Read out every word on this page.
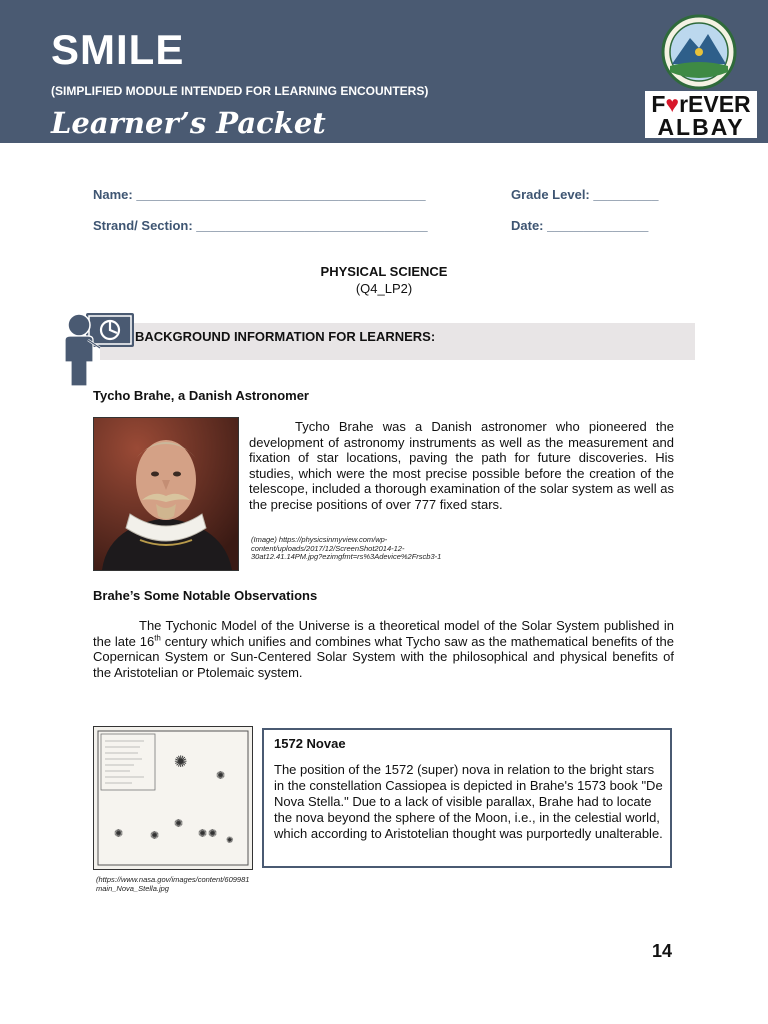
SMILE
(SIMPLIFIED MODULE INTENDED FOR LEARNING ENCOUNTERS)
Learner’s Packet
F♥rEVER
ALBAY
Name: ________________________________________	Grade Level: _________
Strand/ Section: ________________________________	Date: ______________
PHYSICAL SCIENCE
(Q4_LP2)
BACKGROUND INFORMATION FOR LEARNERS:
Tycho Brahe, a Danish Astronomer

Tycho Brahe was a Danish astronomer who pioneered the development of astronomy instruments as well as the measurement and fixation of star locations, paving the path for future discoveries. His studies, which were the most precise possible before the creation of the telescope, included a thorough examination of the solar system as well as the precise positions of over 777 fixed stars.

(Image) https://physicsinmyview.com/wp-
content/uploads/2017/12/ScreenShot2014-12-
30at12.41.14PM.jpg?ezimgfmt=rs%3Adevice%2Frscb3-1

Brahe’s Some Notable Observations

The Tychonic Model of the Universe is a theoretical model of the Solar System published in the late 16th century which unifies and combines what Tycho saw as the mathematical benefits of the Copernican System or Sun-Centered Solar System with the philosophical and physical benefits of the Aristotelian or Ptolemaic system.

✺
✺
✺
✺ ✺	✺ ✺
✺
1572 Novae

The position of the 1572 (super) nova in relation to the bright stars in the constellation Cassiopea is depicted in Brahe's 1573 book "De Nova Stella." Due to a lack of visible parallax, Brahe had to locate the nova beyond the sphere of the Moon, i.e., in the celestial world, which according to Aristotelian thought was purportedly unalterable.

(https://www.nasa.gov/images/content/609981
main_Nova_Stella.jpg

14
